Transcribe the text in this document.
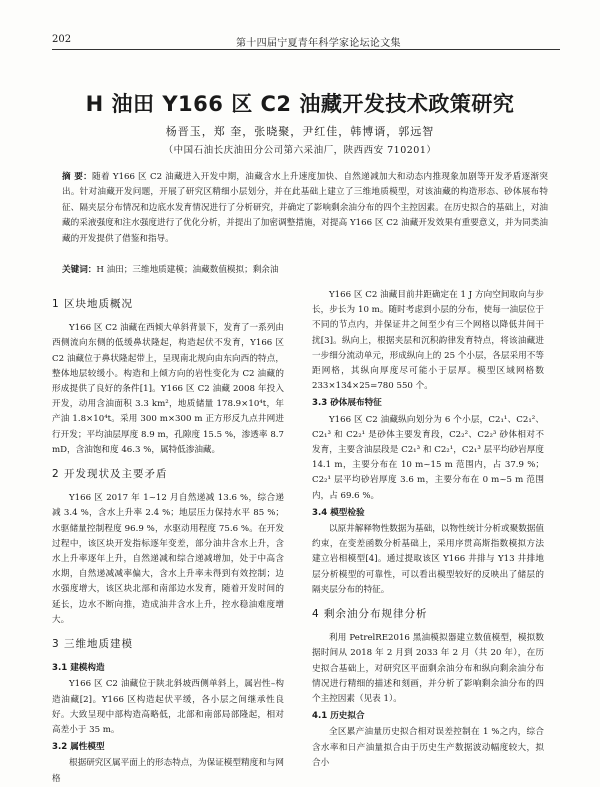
202	第十四届宁夏青年科学家论坛论文集
H 油田 Y166 区 C2 油藏开发技术政策研究
杨晋玉，郑 奎，张晓聚，尹红佳，韩博谞，郭远智
（中国石油长庆油田分公司第六采油厂，陕西西安 710201）
摘 要：随着 Y166 区 C2 油藏进入开发中期，油藏含水上升速度加快、自然递减加大和动态内推现象加剧等开发矛盾逐渐突出。针对油藏开发问题，开展了研究区精细小层划分，并在此基础上建立了三维地质模型，对该油藏的构造形态、砂体展布特征、隔夹层分布情况和边底水发育情况进行了分析研究，并确定了影响剩余油分布的四个主控因素。在历史拟合的基础上，对油藏的采液强度和注水强度进行了优化分析，并提出了加密调整措施，对提高 Y166 区 C2 油藏开发效果有重要意义，并为同类油藏的开发提供了借鉴和指导。
关键词：H 油田；三维地质建模；油藏数值模拟；剩余油
1 区块地质概况

Y166 区 C2 油藏在西倾大单斜背景下，发育了一系列由西侧流向东侧的低缓鼻状隆起，构造起伏不发育，Y166 区 C2 油藏位于鼻状隆起带上，呈现南北规向由东向西的特点，整体地层较缓小。构造和上倾方向的岩性变化为 C2 油藏的形成提供了良好的条件[1]。Y166 区 C2 油藏 2008 年投入开发，动用含油面积 3.3 km²，地质储量 178.9×10⁴t，年产油 1.8×10⁴t。采用 300 m×300 m 正方形反九点井网进行开发；平均油层厚度 8.9 m，孔隙度 15.5 %，渗透率 8.7 mD，含油饱和度 46.3 %，属特低渗油藏。

2 开发现状及主要矛盾

Y166 区 2017 年 1~12 月自然递减 13.6 %，综合递减 3.4 %，含水上升率 2.4 %；地层压力保持水平 85 %；水驱储量控制程度 96.9 %，水驱动用程度 75.6 %。在开发过程中，该区块开发指标逐年变差，部分油井含水上升，含水上升率逐年上升，自然递减和综合递减增加，处于中高含水期，自然递减减率偏大，含水上升率未得到有效控制；边水强度增大，该区块北部和南部边水发育，随着开发时间的延长，边水不断向推，造成油井含水上升，控水稳油难度增大。

3 三维地质建模
3.1 建模构造

Y166 区 C2 油藏位于陕北斜坡西侧单斜上，属岩性–构造油藏[2]。Y166 区构造起伏平缓，各小层之间继承性良好。大致呈现中部构造高略低，北部和南部局部隆起，相对高差小于 35 m。

3.2 属性模型

根据研究区属平面上的形态特点，为保证模型精度和与网格

Y166 区 C2 油藏目前井距确定在 1 J 方向空间取向与步长，步长为 10 m。随时考虑到小层的分布，使每一油层位于不同的节点内，并保证井之间至少有三个网格以降低井间干扰[3]。纵向上，根据夹层和沉积韵律发育特点，将该油藏进一步细分流动单元，形成纵向上的 25 个小层，各层采用不等距网格，其纵向厚度尽可能小于层厚。模型区域网格数 233×134×25=780 550 个。

3.3 砂体展布特征

Y166 区 C2 油藏纵向划分为 6 个小层，C2₁¹、C2₁²、C2₁³ 和 C2₂¹ 是砂体主要发育段，C2₂²、C2₂³ 砂体相对不发育，主要含油层段是 C2₁³ 和 C2₂¹，C2₁³ 层平均砂岩厚度 14.1 m，主要分布在 10 m~15 m 范围内，占 37.9 %；C2₂¹ 层平均砂岩厚度 3.6 m，主要分布在 0 m~5 m 范围内，占 69.6 %。

3.4 模型检验

以原井解释物性数据为基础，以物性统计分析或聚数据值约束，在变差函数分析基础上，采用序贯高斯指数模拟方法建立岩相模型[4]。通过提取该区 Y166 井排与 Y13 井排地层分析模型的可靠性，可以看出模型较好的反映出了储层的隔夹层分布的特征。

4 剩余油分布规律分析

利用 PetrelRE2016 黑油模拟器建立数值模型，模拟数据时间从 2018 年 2 月到 2033 年 2 月（共 20 年），在历史拟合基础上，对研究区平面剩余油分布和纵向剩余油分布情况进行精细的描述和刻画，并分析了影响剩余油分布的四个主控因素（见表 1）。

4.1 历史拟合

全区累产油量历史拟合相对误差控制在 1 %之内，综合含水率和日产油量拟合由于历史生产数据波动幅度较大，拟合小
